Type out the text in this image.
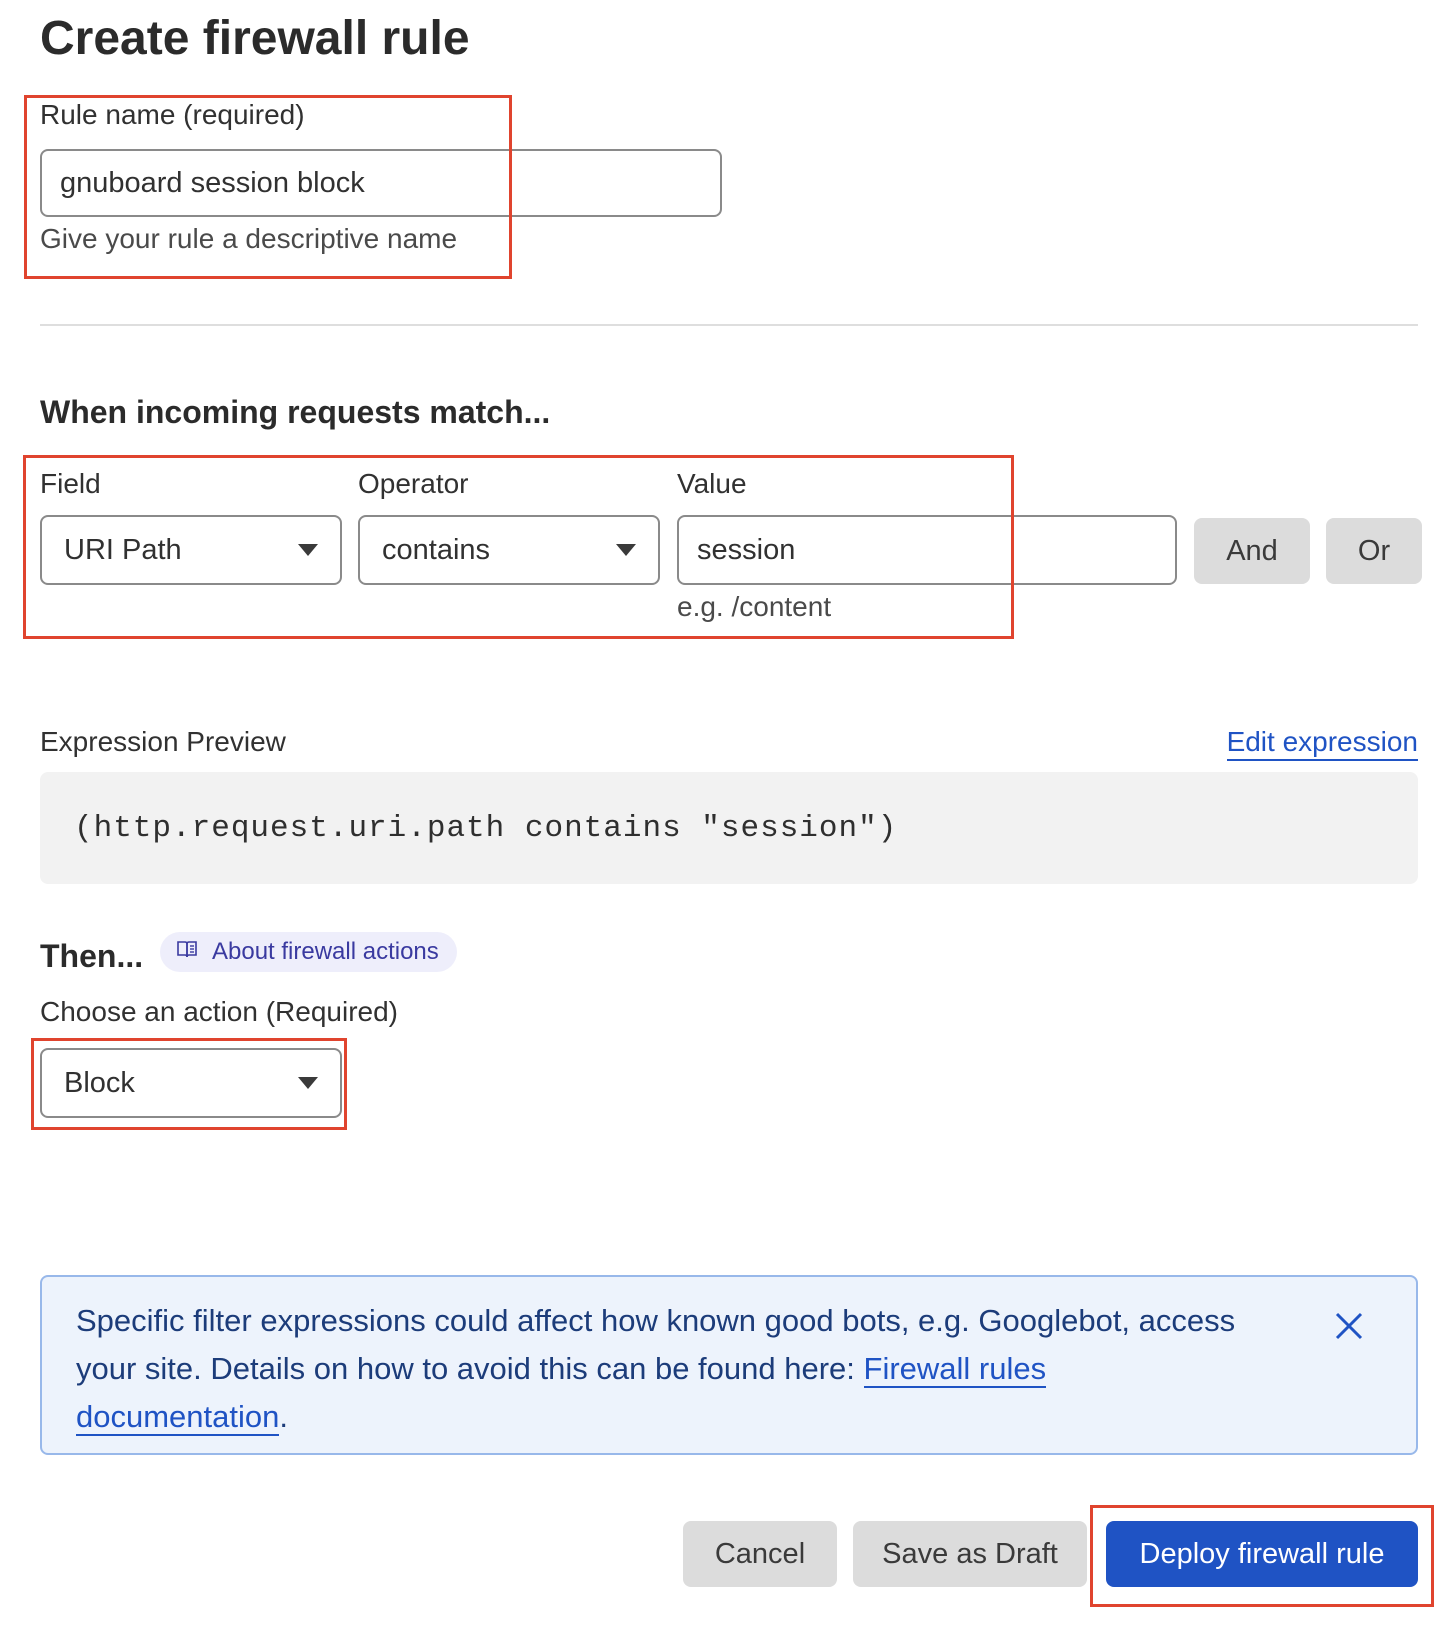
Create firewall rule
Rule name (required)
gnuboard session block
Give your rule a descriptive name
When incoming requests match...
Field	Operator	Value
URI Path	contains	session
e.g. /content
And	Or
Expression Preview	Edit expression
(http.request.uri.path contains "session")
Then...	About firewall actions
Choose an action (Required)
Block
Specific filter expressions could affect how known good bots, e.g. Googlebot, access your site. Details on how to avoid this can be found here: Firewall rules documentation.
Cancel	Save as Draft	Deploy firewall rule
